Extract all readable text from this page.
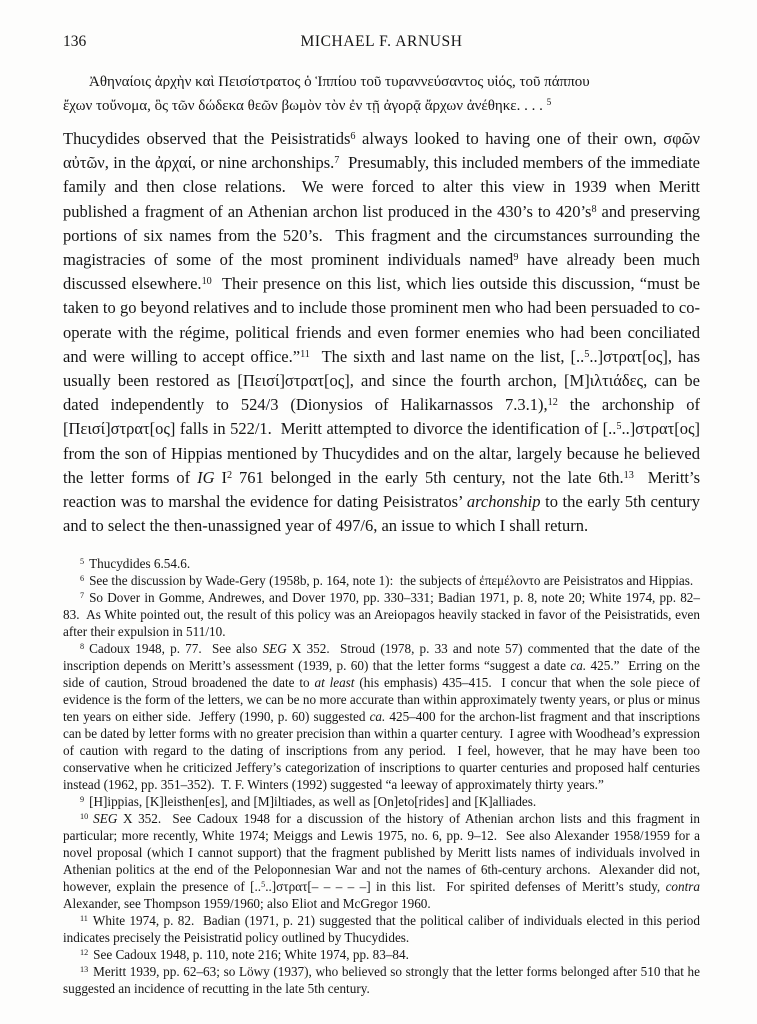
136	MICHAEL F. ARNUSH
Ἀθηναίοις ἀρχὴν καὶ Πεισίστρατος ὁ Ἱππίου τοῦ τυραννεύσαντος υἱός, τοῦ πάππου
ἔχων τοὔνομα, ὃς τῶν δώδεκα θεῶν βωμὸν τὸν ἐν τῇ ἀγορᾷ ἄρχων ἀνέθηκε. . . . $^5$

Thucydides observed that the Peisistratids$^6$ always looked to having one of their own, σφῶν αὐτῶν, in the ἀρχαί, or nine archonships.$^7$  Presumably, this included members of the immediate family and then close relations.  We were forced to alter this view in 1939 when Meritt published a fragment of an Athenian archon list produced in the 430’s to $420’s^8$ and preserving portions of six names from the 520’s.  This fragment and the circumstances surrounding the magistracies of some of the most prominent individuals named$^9$ have already been much discussed elsewhere.$^{10}$  Their presence on this list, which lies outside this discussion, “must be taken to go beyond relatives and to include those prominent men who had been persuaded to co-operate with the régime, political friends and even former enemies who had been conciliated and were willing to accept office.”$^{11}$  The sixth and last name on the list, [..$^5$..]στρατ[ος], has usually been restored as [Πεισί]στρατ[ος], and since the fourth archon, [Μ]ιλτιάδες, can be dated independently to 524/3 (Dionysios of Halikarnassos 7.3.1),$^{12}$ the archonship of [Πεισί]στρατ[ος] falls in 522/1.  Meritt attempted to divorce the identification of [..$^5$..]στρατ[ος] from the son of Hippias mentioned by Thucydides and on the altar, largely because he believed the letter forms of IG $I^2$ 761 belonged in the early 5th century, not the late 6th.$^{13}$  Meritt’s reaction was to marshal the evidence for dating Peisistratos’ archonship to the early 5th century and to select the then-unassigned year of 497/6, an issue to which I shall return.

$^5$ Thucydides 6.54.6.

$^6$ See the discussion by Wade-Gery (1958b, p. 164, note 1):  the subjects of ἐπεμέλοντο are Peisistratos and Hippias.

$^7$ So Dover in Gomme, Andrewes, and Dover 1970, pp. 330–331; Badian 1971, p. 8, note 20; White 1974, pp. 82–83.  As White pointed out, the result of this policy was an Areiopagos heavily stacked in favor of the Peisistratids, even after their expulsion in 511/10.

$^8$ Cadoux 1948, p. 77.  See also SEG X 352.  Stroud (1978, p. 33 and note 57) commented that the date of the inscription depends on Meritt’s assessment (1939, p. 60) that the letter forms “suggest a date ca. 425.”  Erring on the side of caution, Stroud broadened the date to at least (his emphasis) 435–415.  I concur that when the sole piece of evidence is the form of the letters, we can be no more accurate than within approximately twenty years, or plus or minus ten years on either side.  Jeffery (1990, p. 60) suggested ca. 425–400 for the archon-list fragment and that inscriptions can be dated by letter forms with no greater precision than within a quarter century.  I agree with Woodhead’s expression of caution with regard to the dating of inscriptions from any period.  I feel, however, that he may have been too conservative when he criticized Jeffery’s categorization of inscriptions to quarter centuries and proposed half centuries instead (1962, pp. 351–352).  T. F. Winters (1992) suggested “a leeway of approximately thirty years.”

$^9$ [H]ippias, [K]leisthen[es], and [M]iltiades, as well as [On]eto[rides] and [K]alliades.

$^{10}$ SEG X 352.  See Cadoux 1948 for a discussion of the history of Athenian archon lists and this fragment in particular; more recently, White 1974; Meiggs and Lewis 1975, no. 6, pp. 9–12.  See also Alexander 1958/1959 for a novel proposal (which I cannot support) that the fragment published by Meritt lists names of individuals involved in Athenian politics at the end of the Peloponnesian War and not the names of 6th-century archons.  Alexander did not, however, explain the presence of [..$^5$..]στρατ[– – – – –] in this list.  For spirited defenses of Meritt’s study, contra Alexander, see Thompson 1959/1960; also Eliot and McGregor 1960.

$^{11}$ White 1974, p. 82.  Badian (1971, p. 21) suggested that the political caliber of individuals elected in this period indicates precisely the Peisistratid policy outlined by Thucydides.

$^{12}$ See Cadoux 1948, p. 110, note 216; White 1974, pp. 83–84.

$^{13}$ Meritt 1939, pp. 62–63; so Löwy (1937), who believed so strongly that the letter forms belonged after 510 that he suggested an incidence of recutting in the late 5th century.
